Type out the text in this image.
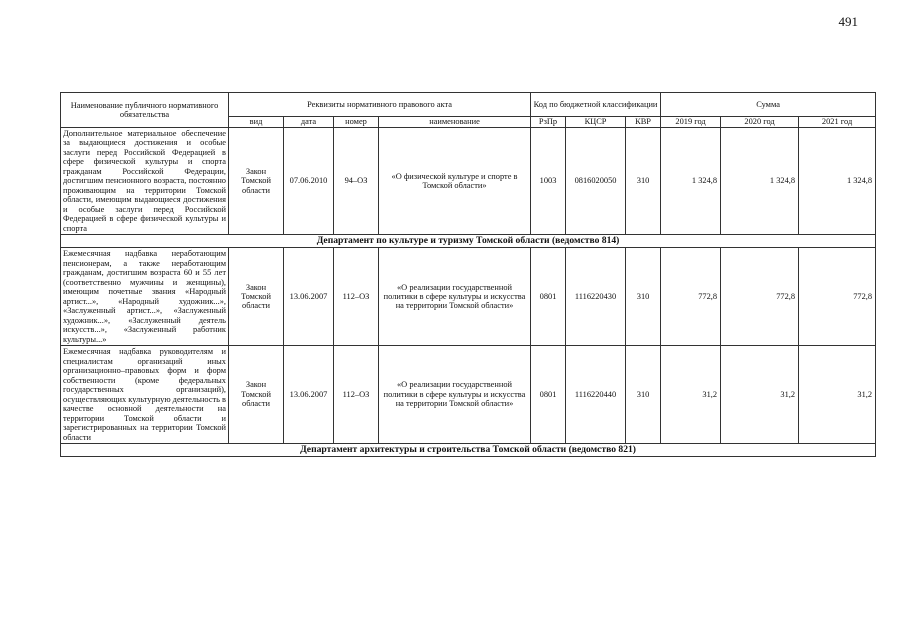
491
Наименование публичного нормативного обязательства	Реквизиты нормативного правового акта				Код по бюджетной классификации			Сумма		
	вид	дата	номер	наименование	РзПр	КЦСР	КВР	2019 год	2020 год	2021 год
Дополнительное материальное обеспечение за выдающиеся достижения и особые заслуги перед Российской Федерацией в сфере физической культуры и спорта гражданам Российской Федерации, достигшим пенсионного возраста, постоянно проживающим на территории Томской области, имеющим выдающиеся достижения и особые заслуги перед Российской Федерацией в сфере физической культуры и спорта	Закон Томской области	07.06.2010	94–ОЗ	«О физической культуре и спорте в Томской области»	1003	0816020050	310	1 324,8	1 324,8	1 324,8
Департамент по культуре и туризму Томской области (ведомство 814)										
Ежемесячная надбавка неработающим пенсионерам, а также неработающим гражданам, достигшим возраста 60 и 55 лет (соответственно мужчины и женщины), имеющим почетные звания «Народный артист...», «Народный художник...», «Заслуженный артист...», «Заслуженный художник...», «Заслуженный деятель искусств...», «Заслуженный работник культуры...»	Закон Томской области	13.06.2007	112–ОЗ	«О реализации государственной политики в сфере культуры и искусства на территории Томской области»	0801	1116220430	310	772,8	772,8	772,8
Ежемесячная надбавка руководителям и специалистам организаций иных организационно–правовых форм и форм собственности (кроме федеральных государственных организаций), осуществляющих культурную деятельность в качестве основной деятельности на территории Томской области и зарегистрированных на территории Томской области	Закон Томской области	13.06.2007	112–ОЗ	«О реализации государственной политики в сфере культуры и искусства на территории Томской области»	0801	1116220440	310	31,2	31,2	31,2
Департамент архитектуры и строительства Томской области (ведомство 821)										
